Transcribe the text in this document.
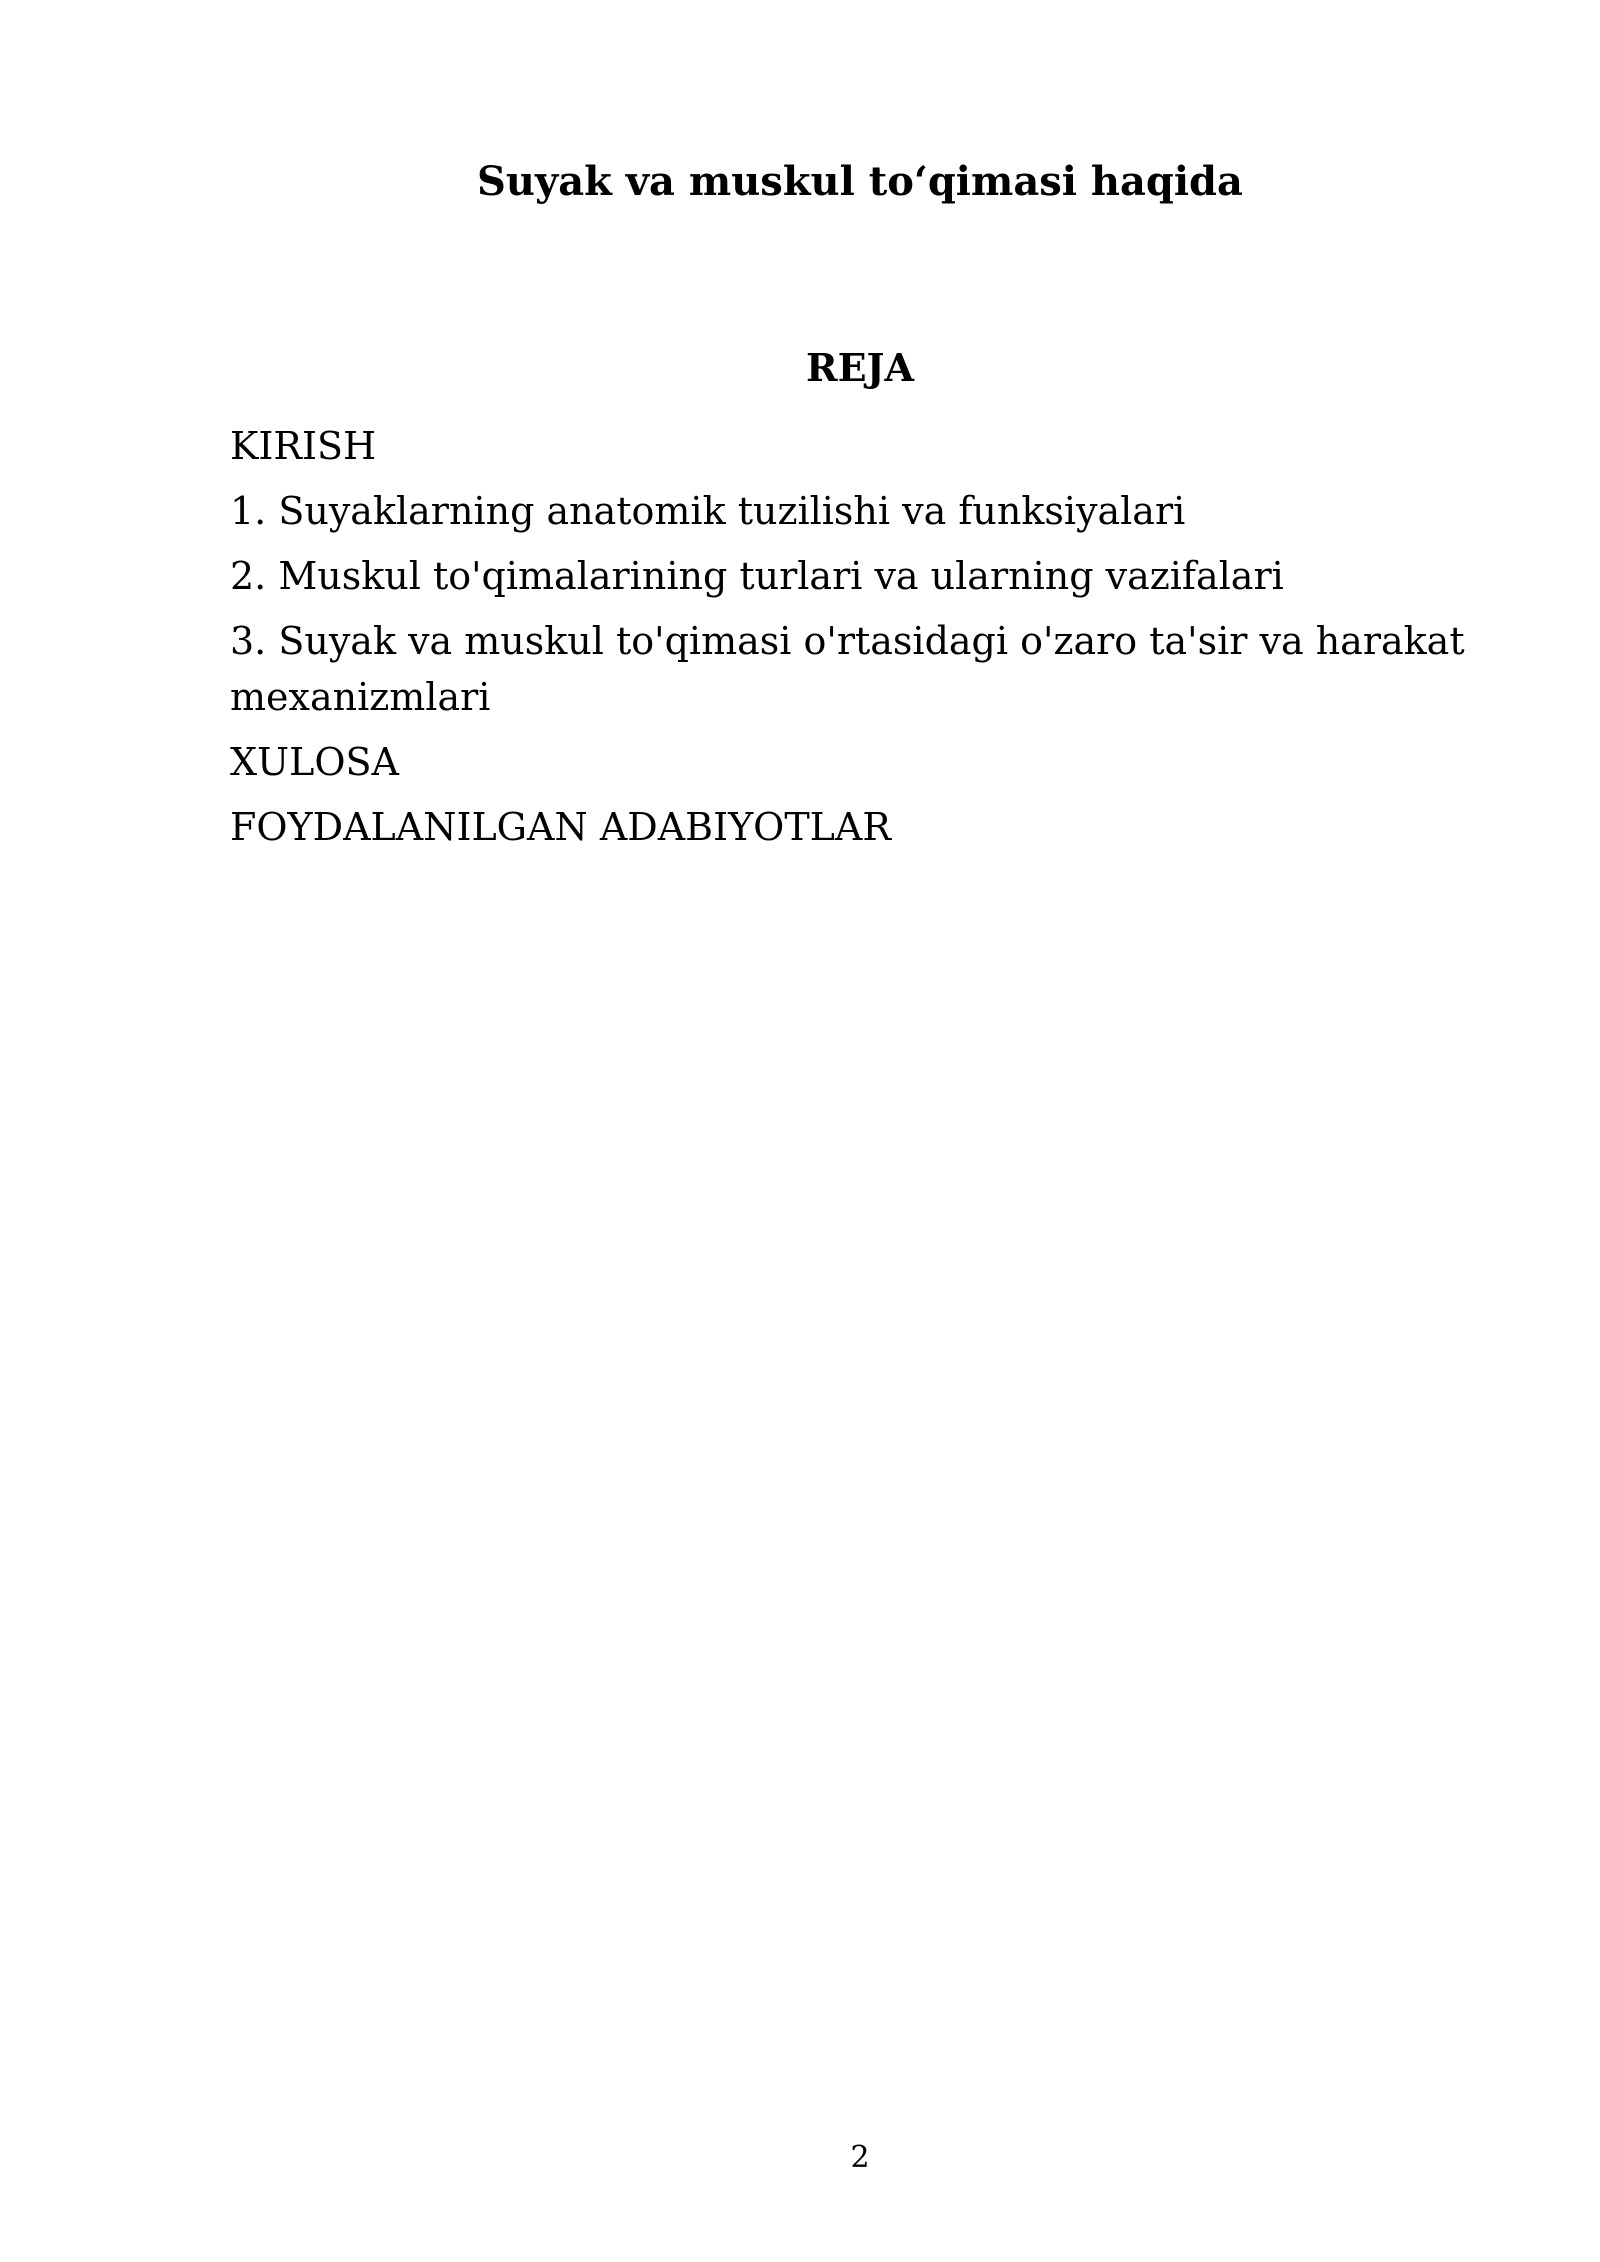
Suyak va muskul to‘qimasi haqida
REJA
KIRISH
1. Suyaklarning anatomik tuzilishi va funksiyalari
2. Muskul to'qimalarining turlari va ularning vazifalari
3. Suyak va muskul to'qimasi o'rtasidagi o'zaro ta'sir va harakat mexanizmlari
XULOSA
FOYDALANILGAN ADABIYOTLAR
2
